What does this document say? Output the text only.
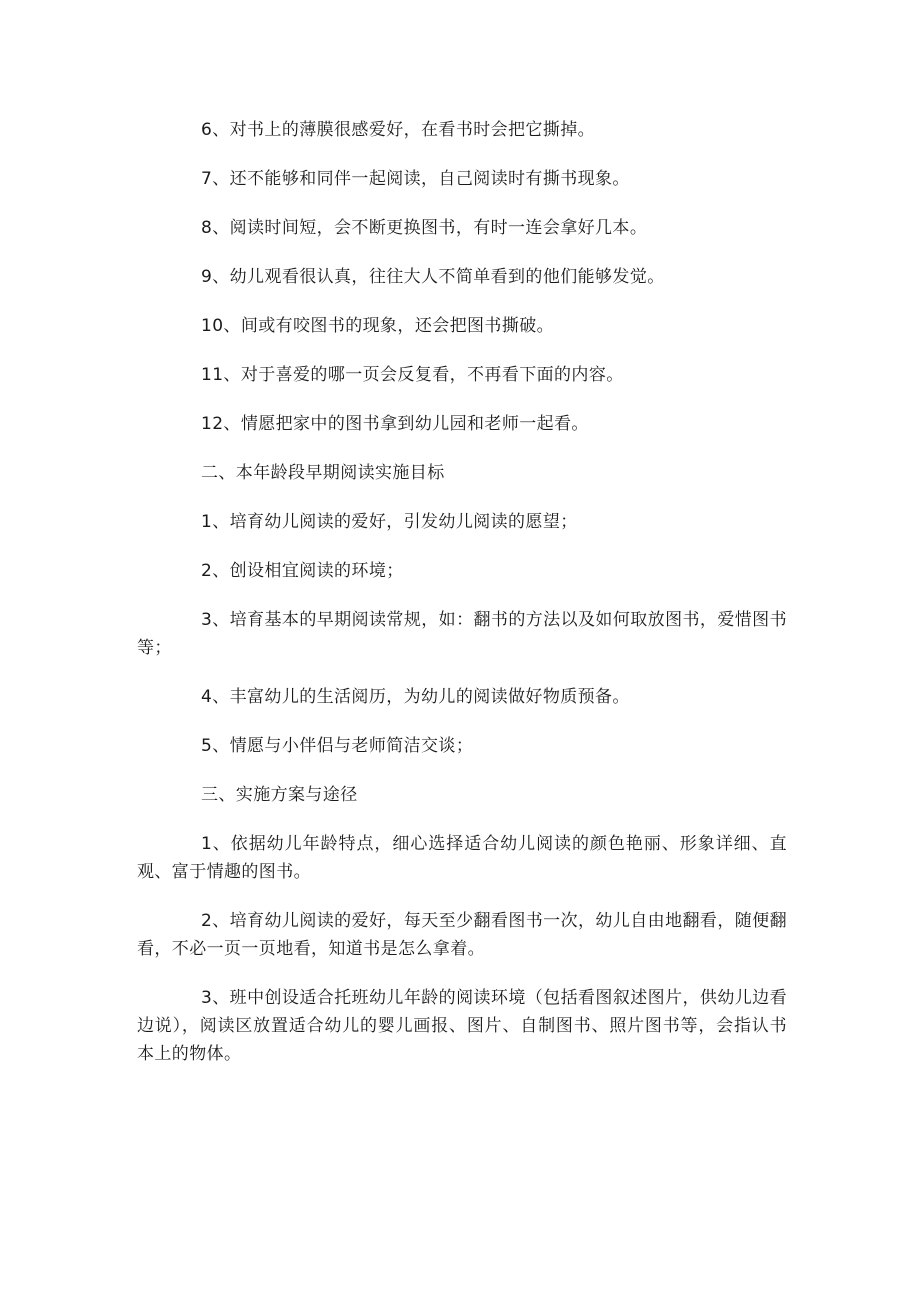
6、对书上的薄膜很感爱好，在看书时会把它撕掉。

7、还不能够和同伴一起阅读，自己阅读时有撕书现象。

8、阅读时间短，会不断更换图书，有时一连会拿好几本。

9、幼儿观看很认真，往往大人不简单看到的他们能够发觉。

10、间或有咬图书的现象，还会把图书撕破。

11、对于喜爱的哪一页会反复看，不再看下面的内容。

12、情愿把家中的图书拿到幼儿园和老师一起看。

二、本年龄段早期阅读实施目标

1、培育幼儿阅读的爱好，引发幼儿阅读的愿望；

2、创设相宜阅读的环境；

3、培育基本的早期阅读常规，如：翻书的方法以及如何取放图书，爱惜图书等；

4、丰富幼儿的生活阅历，为幼儿的阅读做好物质预备。

5、情愿与小伴侣与老师简洁交谈；

三、实施方案与途径

1、依据幼儿年龄特点，细心选择适合幼儿阅读的颜色艳丽、形象详细、直观、富于情趣的图书。

2、培育幼儿阅读的爱好，每天至少翻看图书一次，幼儿自由地翻看，随便翻看，不必一页一页地看，知道书是怎么拿着。

3、班中创设适合托班幼儿年龄的阅读环境（包括看图叙述图片，供幼儿边看边说），阅读区放置适合幼儿的婴儿画报、图片、自制图书、照片图书等，会指认书本上的物体。
